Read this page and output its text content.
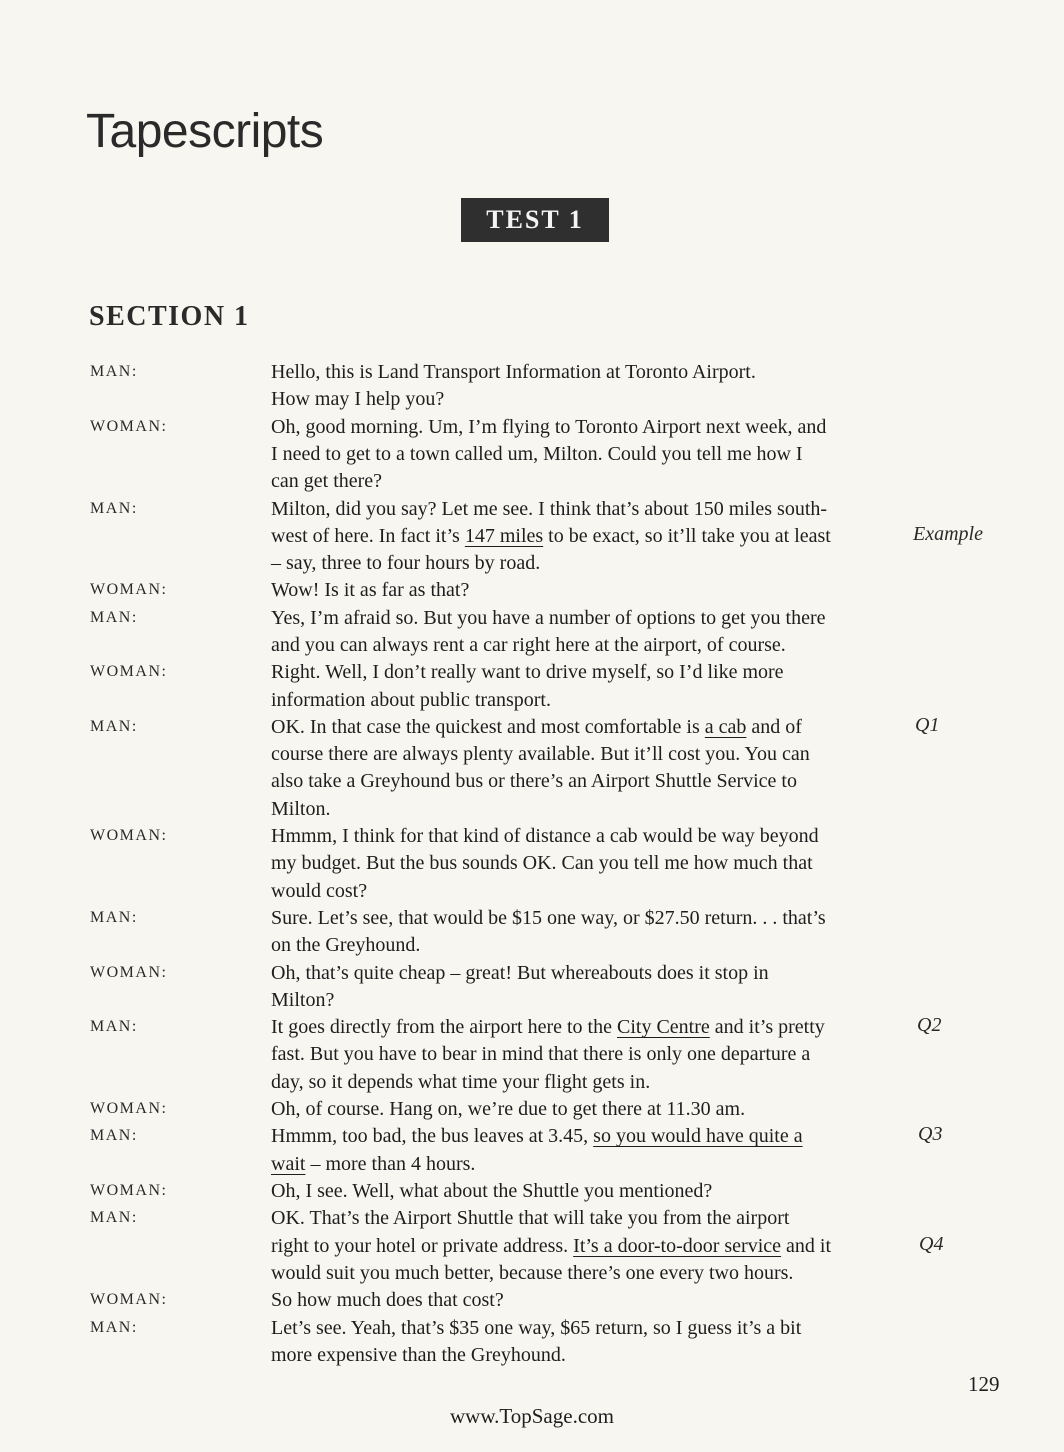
Tapescripts
TEST 1
SECTION 1
MAN:	Hello, this is Land Transport Information at Toronto Airport.
How may I help you?
WOMAN:	Oh, good morning. Um, I’m flying to Toronto Airport next week, and
I need to get to a town called um, Milton. Could you tell me how I
can get there?
MAN:	Milton, did you say? Let me see. I think that’s about 150 miles south-
west of here. In fact it’s 147 miles to be exact, so it’ll take you at least
– say, three to four hours by road.
Example
WOMAN:	Wow! Is it as far as that?
MAN:	Yes, I’m afraid so. But you have a number of options to get you there
and you can always rent a car right here at the airport, of course.
WOMAN:	Right. Well, I don’t really want to drive myself, so I’d like more
information about public transport.
MAN:	OK. In that case the quickest and most comfortable is a cab and of
course there are always plenty available. But it’ll cost you. You can
also take a Greyhound bus or there’s an Airport Shuttle Service to
Milton.
Q1
WOMAN:	Hmmm, I think for that kind of distance a cab would be way beyond
my budget. But the bus sounds OK. Can you tell me how much that
would cost?
MAN:	Sure. Let’s see, that would be $15 one way, or $27.50 return. . . that’s
on the Greyhound.
WOMAN:	Oh, that’s quite cheap – great! But whereabouts does it stop in
Milton?
MAN:	It goes directly from the airport here to the City Centre and it’s pretty
fast. But you have to bear in mind that there is only one departure a
day, so it depends what time your flight gets in.
Q2
WOMAN:	Oh, of course. Hang on, we’re due to get there at 11.30 am.
MAN:	Hmmm, too bad, the bus leaves at 3.45, so you would have quite a
wait – more than 4 hours.
Q3
WOMAN:	Oh, I see. Well, what about the Shuttle you mentioned?
MAN:	OK. That’s the Airport Shuttle that will take you from the airport
right to your hotel or private address. It’s a door-to-door service and it
would suit you much better, because there’s one every two hours.
Q4
WOMAN:	So how much does that cost?
MAN:	Let’s see. Yeah, that’s $35 one way, $65 return, so I guess it’s a bit
more expensive than the Greyhound.
129
www.TopSage.com
